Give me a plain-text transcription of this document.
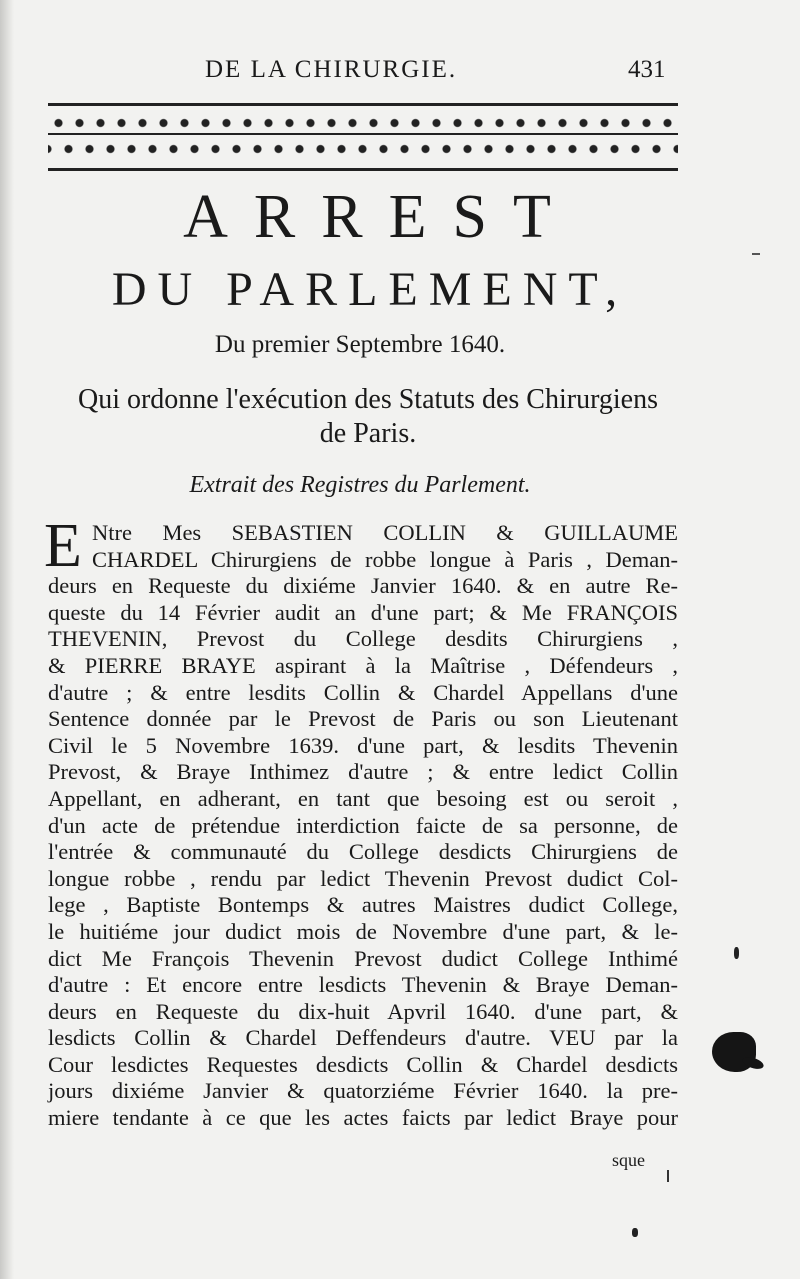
DE LA CHIRURGIE.	431
ARREST
DU PARLEMENT,
Du premier Septembre 1640.
Qui ordonne l'exécution des Statuts des Chirurgiens
de Paris.
Extrait des Registres du Parlement.
E Ntre Mes SEBASTIEN COLLIN & GUILLAUME
CHARDEL Chirurgiens de robbe longue à Paris , Deman-
deurs en Requeste du dixiéme Janvier 1640. & en autre Re-
queste du 14 Février audit an d'une part; & Me FRANÇOIS
THEVENIN, Prevost du College desdits Chirurgiens ,
& PIERRE BRAYE aspirant à la Maîtrise , Défendeurs ,
d'autre ; & entre lesdits Collin & Chardel Appellans d'une
Sentence donnée par le Prevost de Paris ou son Lieutenant
Civil le 5 Novembre 1639. d'une part, & lesdits Thevenin
Prevost, & Braye Inthimez d'autre ; & entre ledict Collin
Appellant, en adherant, en tant que besoing est ou seroit ,
d'un acte de prétendue interdiction faicte de sa personne, de
l'entrée & communauté du College desdicts Chirurgiens de
longue robbe , rendu par ledict Thevenin Prevost dudict Col-
lege , Baptiste Bontemps & autres Maistres dudict College,
le huitiéme jour dudict mois de Novembre d'une part, & le-
dict Me François Thevenin Prevost dudict College Inthimé
d'autre : Et encore entre lesdicts Thevenin & Braye Deman-
deurs en Requeste du dix-huit Apvril 1640. d'une part, &
lesdicts Collin & Chardel Deffendeurs d'autre. VEU par la
Cour lesdictes Requestes desdicts Collin & Chardel desdicts
jours dixiéme Janvier & quatorziéme Février 1640. la pre-
miere tendante à ce que les actes faicts par ledict Braye pour
sque
